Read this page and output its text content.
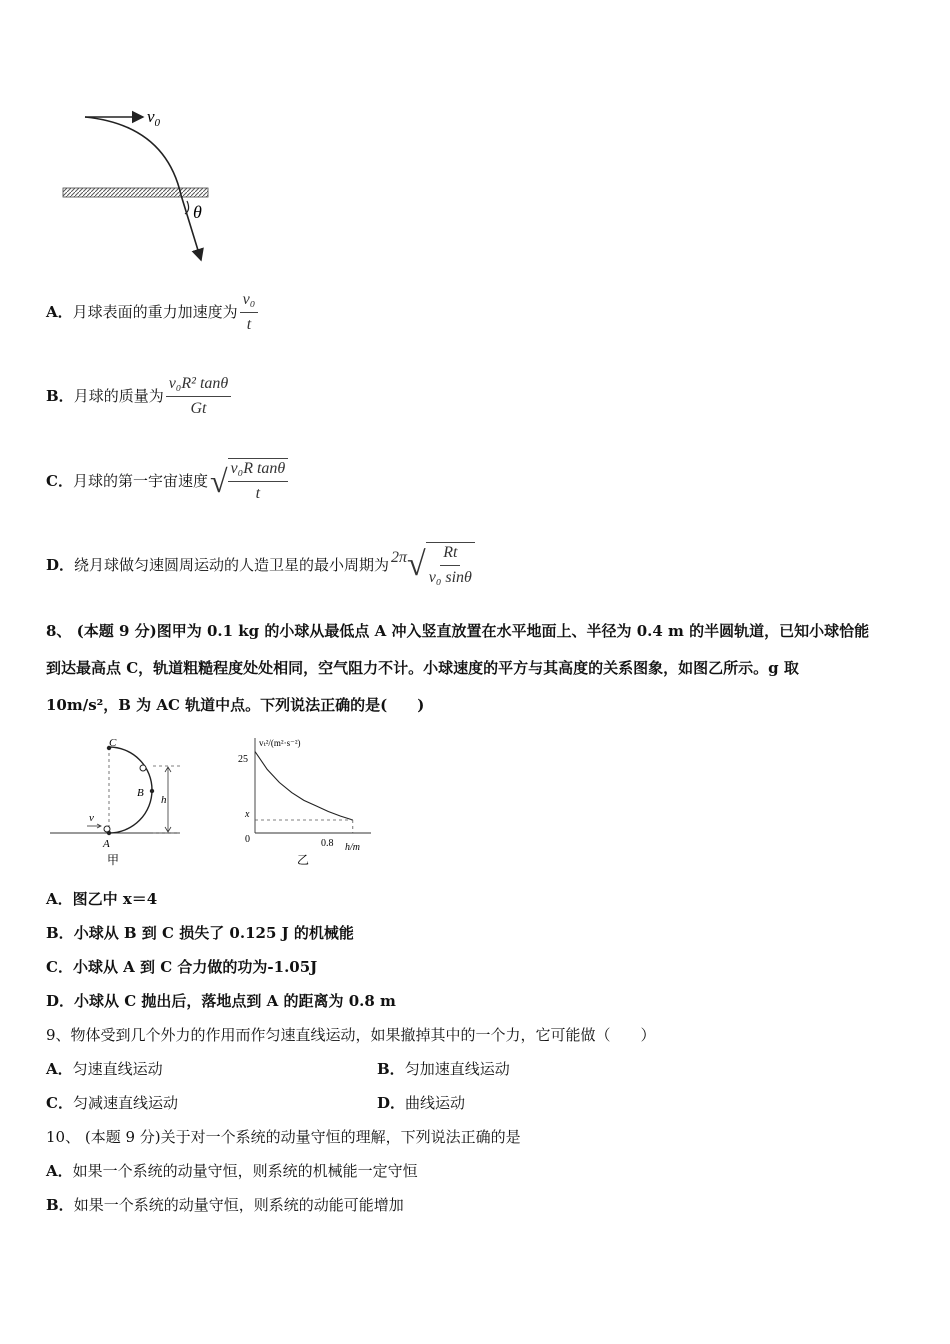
$v_0$
θ
A． 月球表面的重力加速度为 $\frac{\text{v₀}}{t}$
B． 月球的质量为 $\frac{\text{v₀R² tanθ}}{Gt}$
C． 月球的第一宇宙速度 √ $\frac{\text{v₀R tanθ}}{t}$
D． 绕月球做匀速圆周运动的人造卫星的最小周期为 2π √ $\frac{Rt}{\text{v₀ sinθ}}$
8、 (本题 9 分)图甲为 0.1 kg 的小球从最低点 A 冲入竖直放置在水平地面上、半径为 0.4 m 的半圆轨道，已知小球恰能
到达最高点 C，轨道粗糙程度处处相同，空气阻力不计。小球速度的平方与其高度的关系图象，如图乙所示。g 取
10m/s²，B 为 AC 轨道中点。下列说法正确的是(　　)
C
B
A
v
h
甲
vₜ²/(m²·s⁻²)
h/m
25
x
0	0.8
乙
A．图乙中 x＝4
B．小球从 B 到 C 损失了 0.125 J 的机械能
C．小球从 A 到 C 合力做的功为-1.05J
D．小球从 C 抛出后，落地点到 A 的距离为 0.8 m
9、物体受到几个外力的作用而作匀速直线运动，如果撤掉其中的一个力，它可能做（　　）
A．匀速直线运动	B．匀加速直线运动
C．匀减速直线运动	D．曲线运动
10、 (本题 9 分)关于对一个系统的动量守恒的理解，下列说法正确的是
A．如果一个系统的动量守恒，则系统的机械能一定守恒
B．如果一个系统的动量守恒，则系统的动能可能增加
